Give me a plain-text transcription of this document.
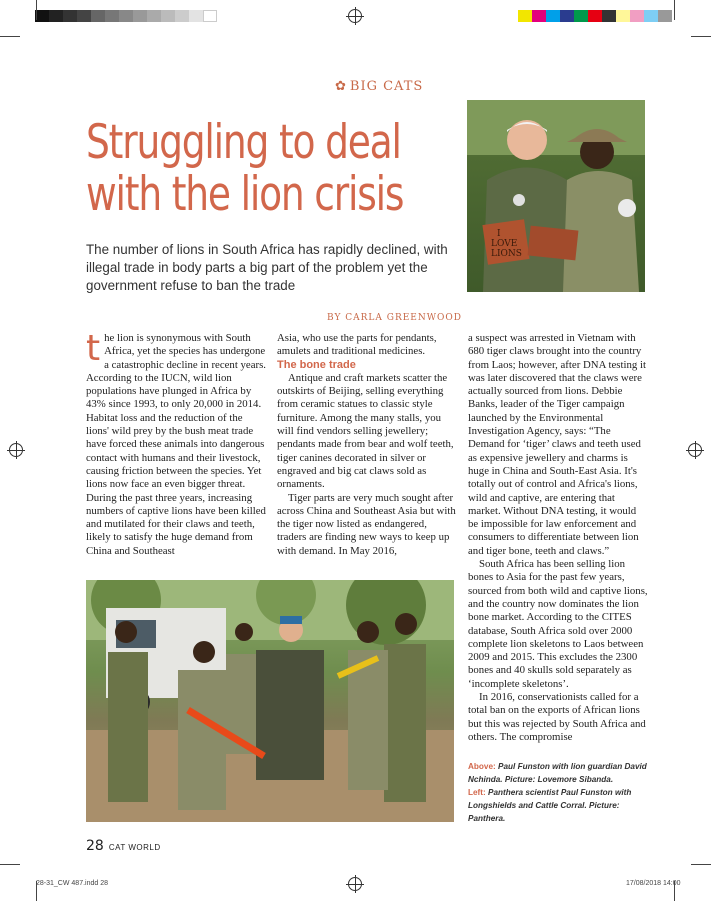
✿ BIG CATS
Struggling to deal
with the lion crisis

The number of lions in South Africa has rapidly declined, with illegal trade in body parts a big part of the problem yet the government refuse to ban the trade

BY CARLA GREENWOOD
I
LOVE
LIONS
t he lion is synonymous with South Africa, yet the species has undergone a catastrophic decline in recent years. According to the IUCN, wild lion populations have plunged in Africa by 43% since 1993, to only 20,000 in 2014. Habitat loss and the reduction of the lions' wild prey by the bush meat trade have forced these animals into dangerous contact with humans and their livestock, causing friction between the species. Yet lions now face an even bigger threat. During the past three years, increasing numbers of captive lions have been killed and mutilated for their claws and teeth, likely to satisfy the huge demand from China and Southeast

Asia, who use the parts for pendants, amulets and traditional medicines.

The bone trade

Antique and craft markets scatter the outskirts of Beijing, selling everything from ceramic statues to classic style furniture. Among the many stalls, you will find vendors selling jewellery; pendants made from bear and wolf teeth, tiger canines decorated in silver or engraved and big cat claws sold as ornaments.

Tiger parts are very much sought after across China and Southeast Asia but with the tiger now listed as endangered, traders are finding new ways to keep up with demand. In May 2016,

a suspect was arrested in Vietnam with 680 tiger claws brought into the country from Laos; however, after DNA testing it was later discovered that the claws were actually sourced from lions. Debbie Banks, leader of the Tiger campaign launched by the Environmental Investigation Agency, says: “The Demand for ‘tiger’ claws and teeth used as expensive jewellery and charms is huge in China and South-East Asia. It's totally out of control and Africa's lions, wild and captive, are entering that market. Without DNA testing, it would be impossible for law enforcement and consumers to differentiate between lion and tiger bone, teeth and claws.”

South Africa has been selling lion bones to Asia for the past few years, sourced from both wild and captive lions, and the country now dominates the lion bone market. According to the CITES database, South Africa sold over 2000 complete lion skeletons to Laos between 2009 and 2015. This excludes the 2300 bones and 40 skulls sold separately as ‘incomplete skeletons’.

In 2016, conservationists called for a total ban on the exports of African lions but this was rejected by South Africa and others. The compromise

Above: Paul Funston with lion guardian David Nchinda. Picture: Lovemore Sibanda.
Left: Panthera scientist Paul Funston with Longshields and Cattle Corral. Picture: Panthera.
28 CAT WORLD
28-31_CW 487.indd 28	17/08/2018 14:00
